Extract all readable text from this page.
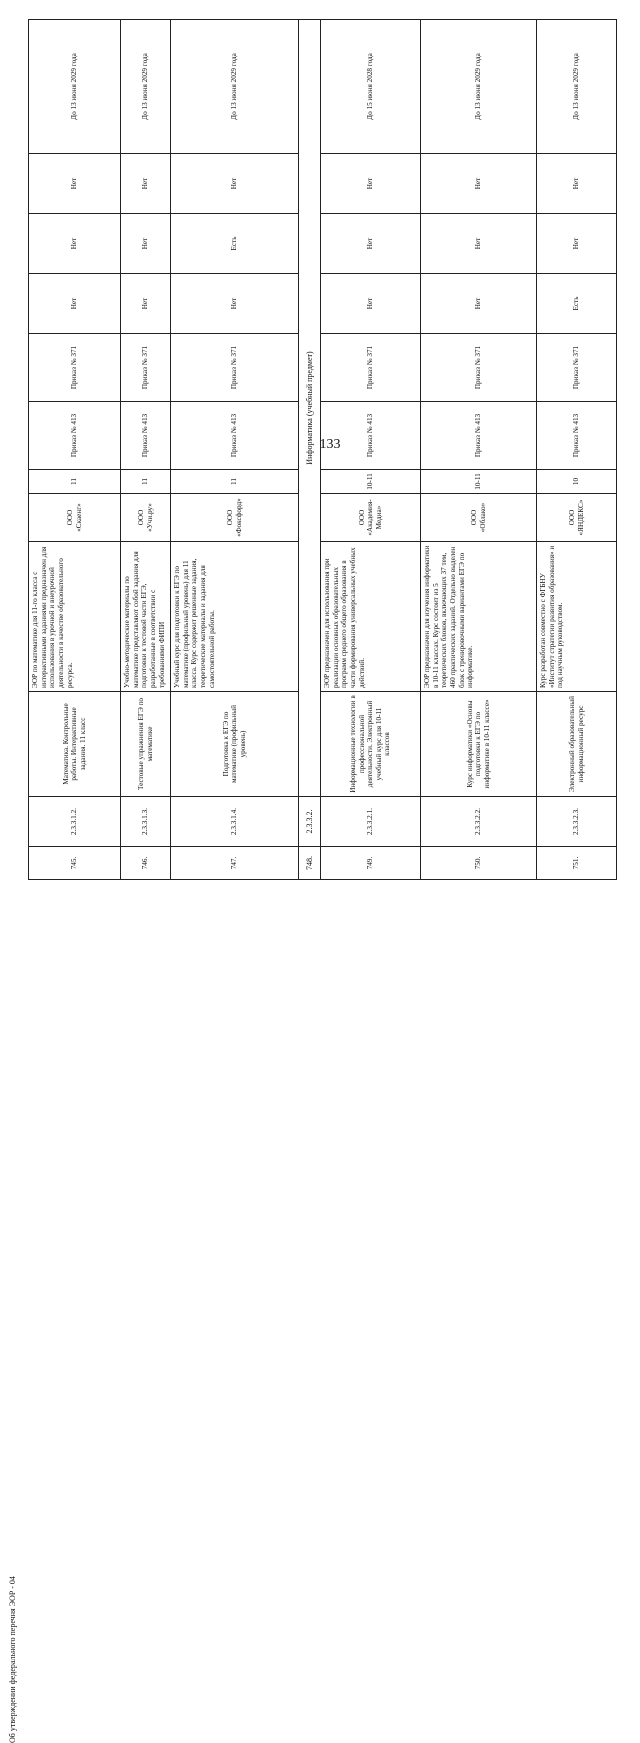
133
745.	2.3.3.1.2.	Математика. Контрольные работы. Интерактивные задания. 11 класс	ЭОР по математике для 11-го класса с интерактивными заданиями предназначен для использования в урочной и внеурочной деятельности в качестве образовательного ресурса.	ООО «Скаенг»	11	Приказ № 413	Приказ № 371	Нет	Нет	Нет	До 13 июня 2029 года
746.	2.3.3.1.3.	Тестовые упражнения ЕГЭ по математике	Учебно-методические материалы по математике представляют собой задания для подготовки к тестовой части ЕГЭ, разработанные в соответствии с требованиями ФИПИ	ООО «Учи.ру»	11	Приказ № 413	Приказ № 371	Нет	Нет	Нет	До 13 июня 2029 года
747.	2.3.3.1.4.	Подготовка к ЕГЭ по математике (профильный уровень)	Учебный курс для подготовки к ЕГЭ по математике (профильный уровень) для 11 класса. Курс содержит решенные задания, теоретические материалы и задания для самостоятельной работы.	ООО «Фоксфорд»	11	Приказ № 413	Приказ № 371	Нет	Есть	Нет	До 13 июня 2029 года
748.	2.3.3.2.	Информатика (учебный предмет)									
749.	2.3.3.2.1.	Информационные технологии в профессиональной деятельности. Электронный учебный курс для 10-11 классов	ЭОР предназначен для использования при реализации основных образовательных программ среднего общего образования в части формирования универсальных учебных действий.	ООО «Академия-Медиа»	10-11	Приказ № 413	Приказ № 371	Нет	Нет	Нет	До 15 июня 2028 года
750.	2.3.3.2.2.	Курс информатики «Основы подготовки к ЕГЭ по информатике в 10-11 классе»	ЭОР предназначен для изучения информатики в 10-11 классах. Курс состоит из 5 теоретических блоков, включающих 37 тем, 460 практических заданий. Отдельно выделен блок с тренировочными вариантами ЕГЭ по информатике.	ООО «Облако»	10-11	Приказ № 413	Приказ № 371	Нет	Нет	Нет	До 13 июня 2029 года
751.	2.3.3.2.3.	Электронный образовательный информационный ресурс	Курс разработан совместно с ФГБНУ «Институт стратегии развития образования» и под научным руководством.	ООО «ЯНДЕКС»	10	Приказ № 413	Приказ № 371	Есть	Нет	Нет	До 13 июня 2029 года
Об утверждении федерального перечня ЭОР - 04
